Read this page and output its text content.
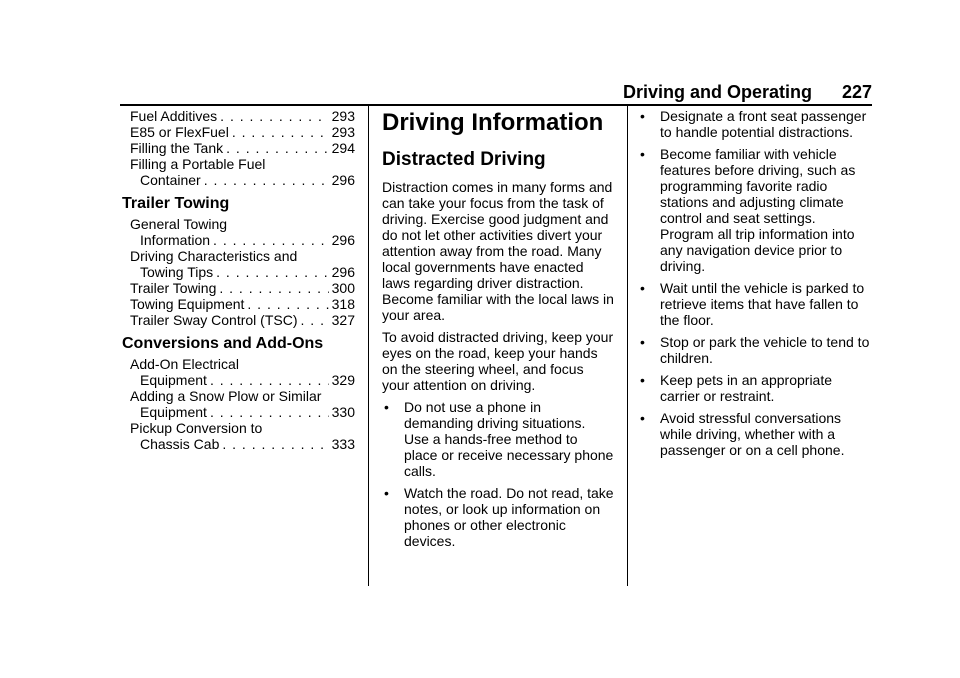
Driving and Operating 227
Fuel Additives . . .	293
E85 or FlexFuel . . .	293
Filling the Tank . . .	294
Filling a Portable Fuel
Container . . .	296
Trailer Towing
General Towing
Information . . .	296
Driving Characteristics and
Towing Tips . . .	296
Trailer Towing . . .	300
Towing Equipment . . .	318
Trailer Sway Control (TSC) . . . 327
Conversions and Add-Ons
Add-On Electrical
Equipment . . .	329
Adding a Snow Plow or Similar
Equipment . . .	330
Pickup Conversion to
Chassis Cab . . .	333
Driving Information
Distracted Driving

Distraction comes in many forms and can take your focus from the task of driving. Exercise good judgment and do not let other activities divert your attention away from the road. Many local governments have enacted laws regarding driver distraction. Become familiar with the local laws in your area.

To avoid distracted driving, keep your eyes on the road, keep your hands on the steering wheel, and focus your attention on driving.

• Do not use a phone in demanding driving situations. Use a hands-free method to place or receive necessary phone calls.
• Watch the road. Do not read, take notes, or look up information on phones or other electronic devices.
• Designate a front seat passenger to handle potential distractions.
• Become familiar with vehicle features before driving, such as programming favorite radio stations and adjusting climate control and seat settings. Program all trip information into any navigation device prior to driving.
• Wait until the vehicle is parked to retrieve items that have fallen to the floor.
• Stop or park the vehicle to tend to children.
• Keep pets in an appropriate carrier or restraint.
• Avoid stressful conversations while driving, whether with a passenger or on a cell phone.
